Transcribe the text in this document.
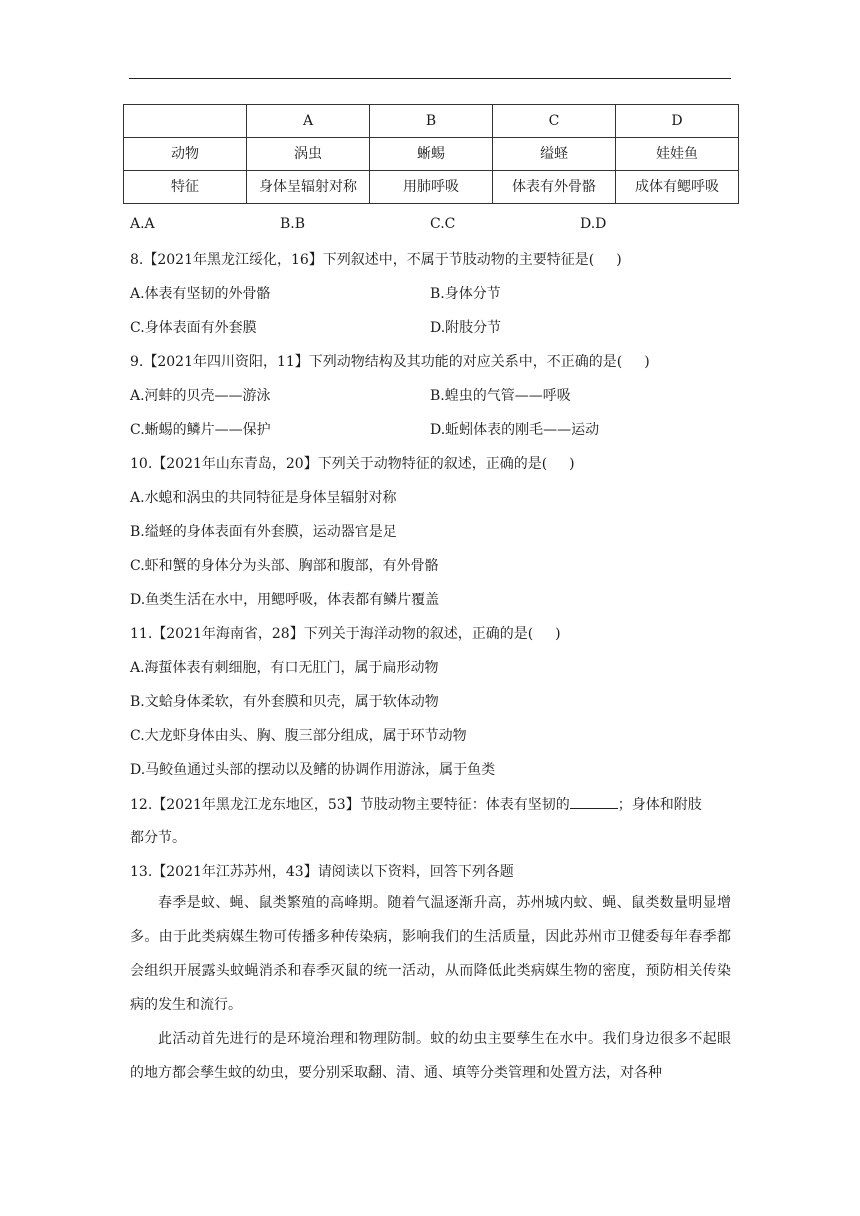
	A	B	C	D
动物	涡虫	蜥蜴	缢蛏	娃娃鱼
特征	身体呈辐射对称	用肺呼吸	体表有外骨骼	成体有鳃呼吸
A.A	B.B	C.C	D.D
8.【2021年黑龙江绥化，16】下列叙述中，不属于节肢动物的主要特征是( )
A.体表有坚韧的外骨骼	B.身体分节
C.身体表面有外套膜	D.附肢分节
9.【2021年四川资阳，11】下列动物结构及其功能的对应关系中，不正确的是( )
A.河蚌的贝壳——游泳	B.蝗虫的气管——呼吸
C.蜥蜴的鳞片——保护	D.蚯蚓体表的刚毛——运动
10.【2021年山东青岛，20】下列关于动物特征的叙述，正确的是( )
A.水螅和涡虫的共同特征是身体呈辐射对称
B.缢蛏的身体表面有外套膜，运动器官是足
C.虾和蟹的身体分为头部、胸部和腹部，有外骨骼
D.鱼类生活在水中，用鳃呼吸，体表都有鳞片覆盖
11.【2021年海南省，28】下列关于海洋动物的叙述，正确的是( )
A.海蜇体表有刺细胞，有口无肛门，属于扁形动物
B.文蛤身体柔软，有外套膜和贝壳，属于软体动物
C.大龙虾身体由头、胸、腹三部分组成，属于环节动物
D.马鲛鱼通过头部的摆动以及鳍的协调作用游泳，属于鱼类
12.【2021年黑龙江龙东地区，53】节肢动物主要特征：体表有坚韧的	；身体和附肢
都分节。
13.【2021年江苏苏州，43】请阅读以下资料，回答下列各题
春季是蚊、蝇、鼠类繁殖的高峰期。随着气温逐渐升高，苏州城内蚊、蝇、鼠类数量明显增多。由于此类病媒生物可传播多种传染病，影响我们的生活质量，因此苏州市卫健委每年春季都会组织开展露头蚊蝇消杀和春季灭鼠的统一活动，从而降低此类病媒生物的密度，预防相关传染病的发生和流行。
此活动首先进行的是环境治理和物理防制。蚊的幼虫主要孳生在水中。我们身边很多不起眼的地方都会孳生蚊的幼虫，要分别采取翻、清、通、填等分类管理和处置方法，对各种
